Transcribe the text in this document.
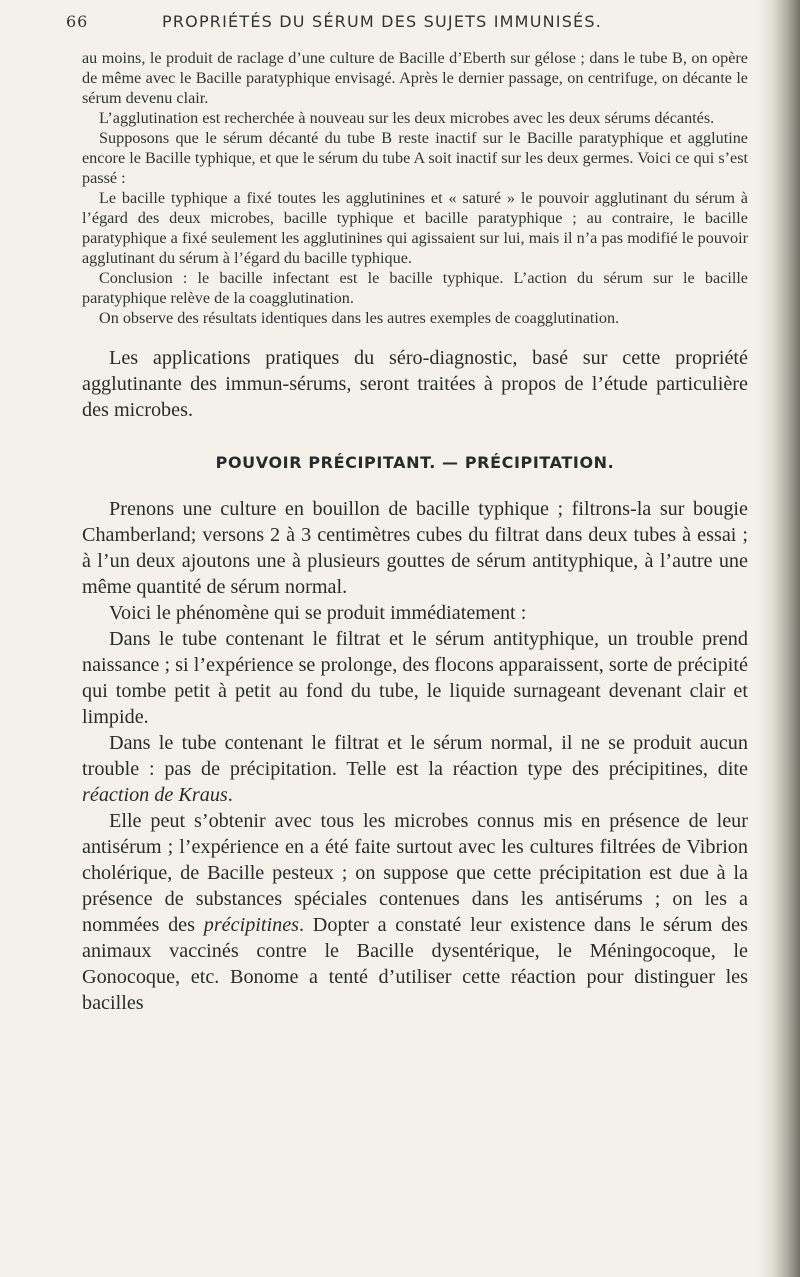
66	PROPRIÉTÉS DU SÉRUM DES SUJETS IMMUNISÉS.

au moins, le produit de raclage d’une culture de Bacille d’Eberth sur gélose ; dans le tube B, on opère de même avec le Bacille paratyphique envisagé. Après le dernier passage, on centrifuge, on décante le sérum devenu clair.

L’agglutination est recherchée à nouveau sur les deux microbes avec les deux sérums décantés.

Supposons que le sérum décanté du tube B reste inactif sur le Bacille paratyphique et agglutine encore le Bacille typhique, et que le sérum du tube A soit inactif sur les deux germes. Voici ce qui s’est passé :

Le bacille typhique a fixé toutes les agglutinines et « saturé » le pouvoir agglutinant du sérum à l’égard des deux microbes, bacille typhique et bacille paratyphique ; au contraire, le bacille paratyphique a fixé seulement les agglutinines qui agissaient sur lui, mais il n’a pas modifié le pouvoir agglutinant du sérum à l’égard du bacille typhique.

Conclusion : le bacille infectant est le bacille typhique. L’action du sérum sur le bacille paratyphique relève de la coagglutination.

On observe des résultats identiques dans les autres exemples de coagglutination.

Les applications pratiques du séro-diagnostic, basé sur cette propriété agglutinante des immun-sérums, seront traitées à propos de l’étude particulière des microbes.

POUVOIR PRÉCIPITANT. — PRÉCIPITATION.

Prenons une culture en bouillon de bacille typhique ; filtrons-la sur bougie Chamberland; versons 2 à 3 centimètres cubes du filtrat dans deux tubes à essai ; à l’un deux ajoutons une à plusieurs gouttes de sérum antityphique, à l’autre une même quantité de sérum normal.

Voici le phénomène qui se produit immédiatement :

Dans le tube contenant le filtrat et le sérum antityphique, un trouble prend naissance ; si l’expérience se prolonge, des flocons apparaissent, sorte de précipité qui tombe petit à petit au fond du tube, le liquide surnageant devenant clair et limpide.

Dans le tube contenant le filtrat et le sérum normal, il ne se produit aucun trouble : pas de précipitation. Telle est la réaction type des précipitines, dite réaction de Kraus.

Elle peut s’obtenir avec tous les microbes connus mis en présence de leur antisérum ; l’expérience en a été faite surtout avec les cultures filtrées de Vibrion cholérique, de Bacille pesteux ; on suppose que cette précipitation est due à la présence de substances spéciales contenues dans les antisérums ; on les a nommées des précipitines. Dopter a constaté leur existence dans le sérum des animaux vaccinés contre le Bacille dysentérique, le Méningocoque, le Gonocoque, etc. Bonome a tenté d’utiliser cette réaction pour distinguer les bacilles
